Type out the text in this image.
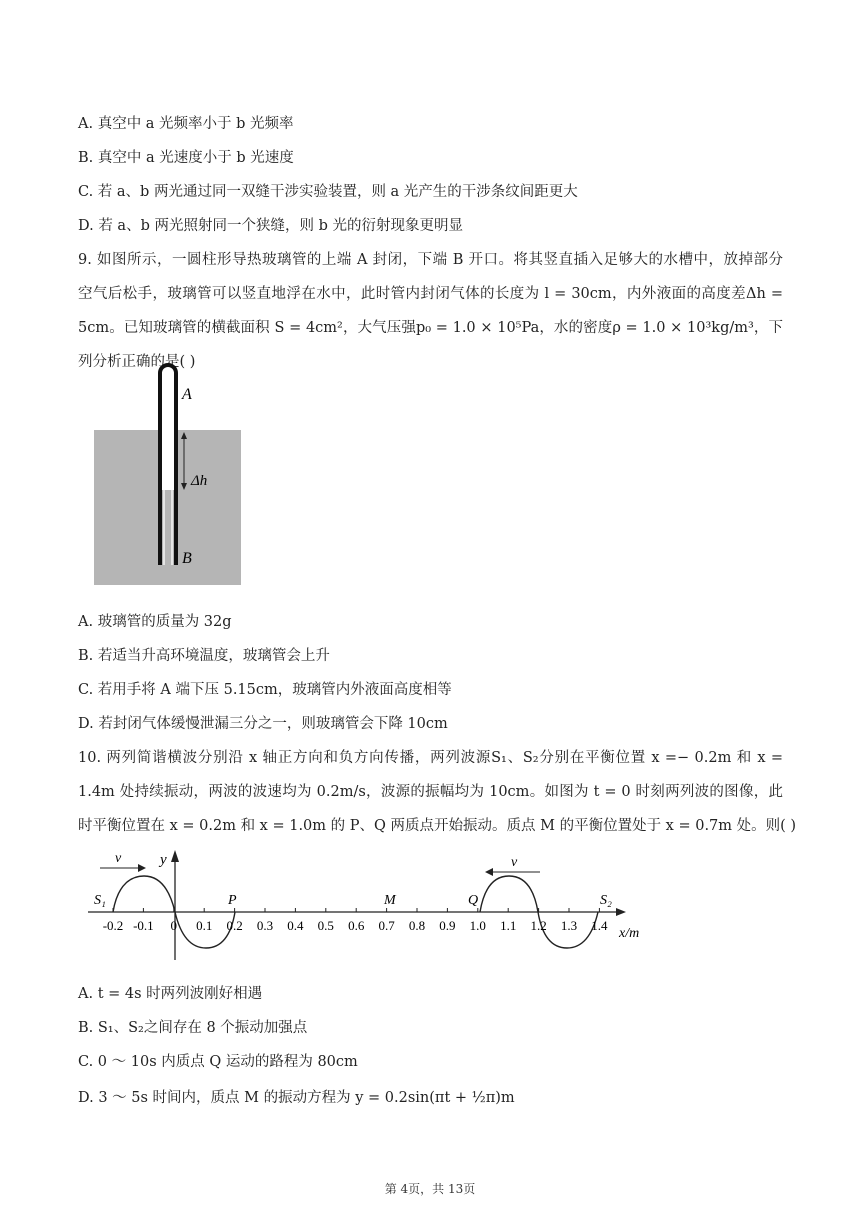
A. 真空中 a 光频率小于 b 光频率
B. 真空中 a 光速度小于 b 光速度
C. 若 a、b 两光通过同一双缝干涉实验装置，则 a 光产生的干涉条纹间距更大
D. 若 a、b 两光照射同一个狭缝，则 b 光的衍射现象更明显
9. 如图所示，一圆柱形导热玻璃管的上端 A 封闭，下端 B 开口。将其竖直插入足够大的水槽中，放掉部分
空气后松手，玻璃管可以竖直地浮在水中，此时管内封闭气体的长度为 l = 30cm，内外液面的高度差Δh =
5cm。已知玻璃管的横截面积 S = 4cm²，大气压强p₀ = 1.0 × 10⁵Pa，水的密度ρ = 1.0 × 10³kg/m³，下
列分析正确的是( )
Δh
A
B
A. 玻璃管的质量为 32g
B. 若适当升高环境温度，玻璃管会上升
C. 若用手将 A 端下压 5.15cm，玻璃管内外液面高度相等
D. 若封闭气体缓慢泄漏三分之一，则玻璃管会下降 10cm
10. 两列简谐横波分别沿 x 轴正方向和负方向传播，两列波源S₁、S₂分别在平衡位置 x =− 0.2m 和 x =
1.4m 处持续振动，两波的波速均为 0.2m/s，波源的振幅均为 10cm。如图为 t = 0 时刻两列波的图像，此
时平衡位置在 x = 0.2m 和 x = 1.0m 的 P、Q 两质点开始振动。质点 M 的平衡位置处于 x = 0.7m 处。则( )
y
x/m
v	v
S₁	P	M	Q	S₂
-0.2 -0.1 0 0.1 0.2 0.3 0.4 0.5 0.6 0.7 0.8 0.9 1.0 1.1 1.2 1.3 1.4
A. t = 4s 时两列波刚好相遇
B. S₁、S₂之间存在 8 个振动加强点
C. 0 ～ 10s 内质点 Q 运动的路程为 80cm
D. 3 ～ 5s 时间内，质点 M 的振动方程为 y = 0.2sin(πt + ½π)m
第 4页，共 13页
